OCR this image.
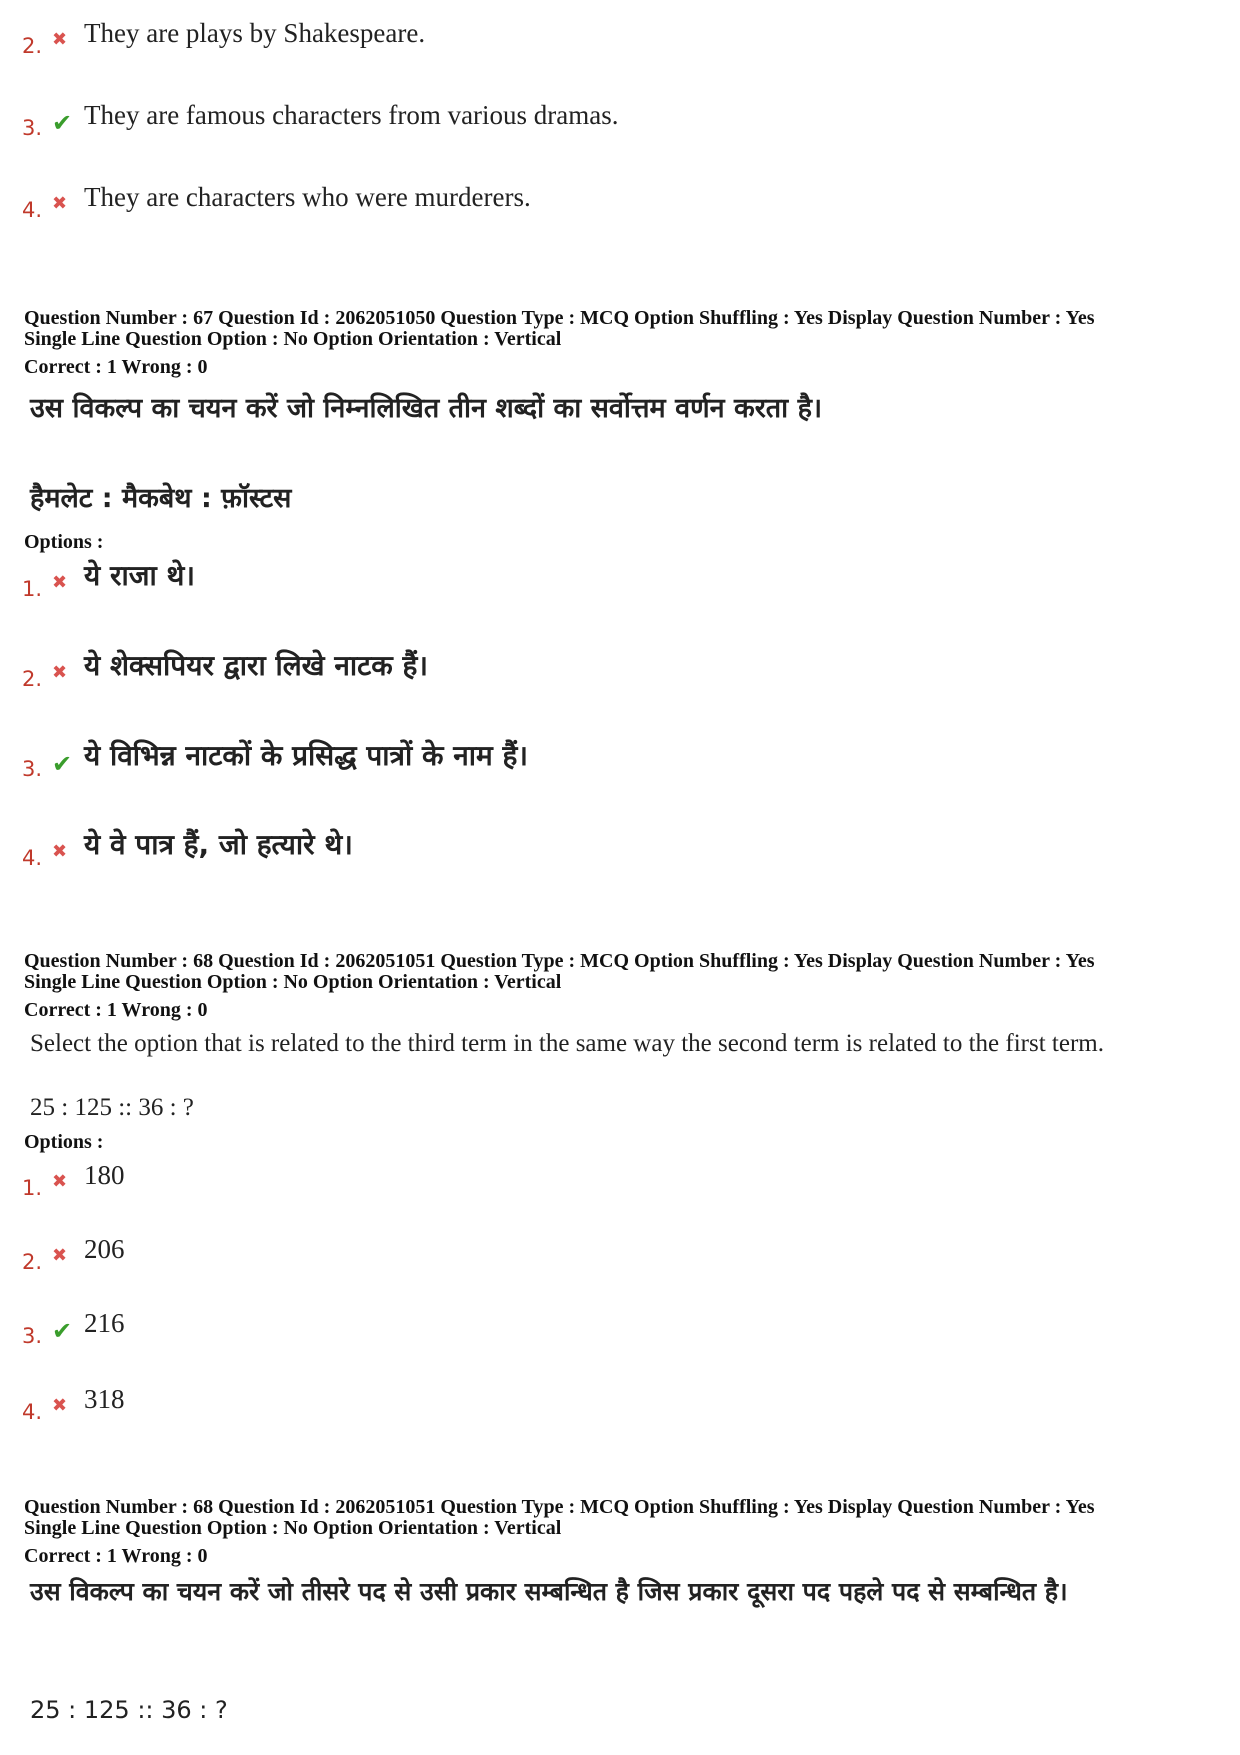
2. ✖ They are plays by Shakespeare.
3. ✔ They are famous characters from various dramas.
4. ✖ They are characters who were murderers.
Question Number : 67 Question Id : 2062051050 Question Type : MCQ Option Shuffling : Yes Display Question Number : Yes
Single Line Question Option : No Option Orientation : Vertical
Correct : 1 Wrong : 0
उस विकल्प का चयन करें जो निम्नलिखित तीन शब्दों का सर्वोत्तम वर्णन करता है।
हैमलेट : मैकबेथ : फ़ॉस्टस
Options :
1. ✖ ये राजा थे।
2. ✖ ये शेक्सपियर द्वारा लिखे नाटक हैं।
3. ✔ ये विभिन्न नाटकों के प्रसिद्ध पात्रों के नाम हैं।
4. ✖ ये वे पात्र हैं, जो हत्यारे थे।
Question Number : 68 Question Id : 2062051051 Question Type : MCQ Option Shuffling : Yes Display Question Number : Yes
Single Line Question Option : No Option Orientation : Vertical
Correct : 1 Wrong : 0
Select the option that is related to the third term in the same way the second term is related to the first term.
25 : 125 :: 36 : ?
Options :
1. ✖ 180
2. ✖ 206
3. ✔ 216
4. ✖ 318
Question Number : 68 Question Id : 2062051051 Question Type : MCQ Option Shuffling : Yes Display Question Number : Yes
Single Line Question Option : No Option Orientation : Vertical
Correct : 1 Wrong : 0
उस विकल्प का चयन करें जो तीसरे पद से उसी प्रकार सम्बन्धित है जिस प्रकार दूसरा पद पहले पद से सम्बन्धित है।
25 : 125 :: 36 : ?
